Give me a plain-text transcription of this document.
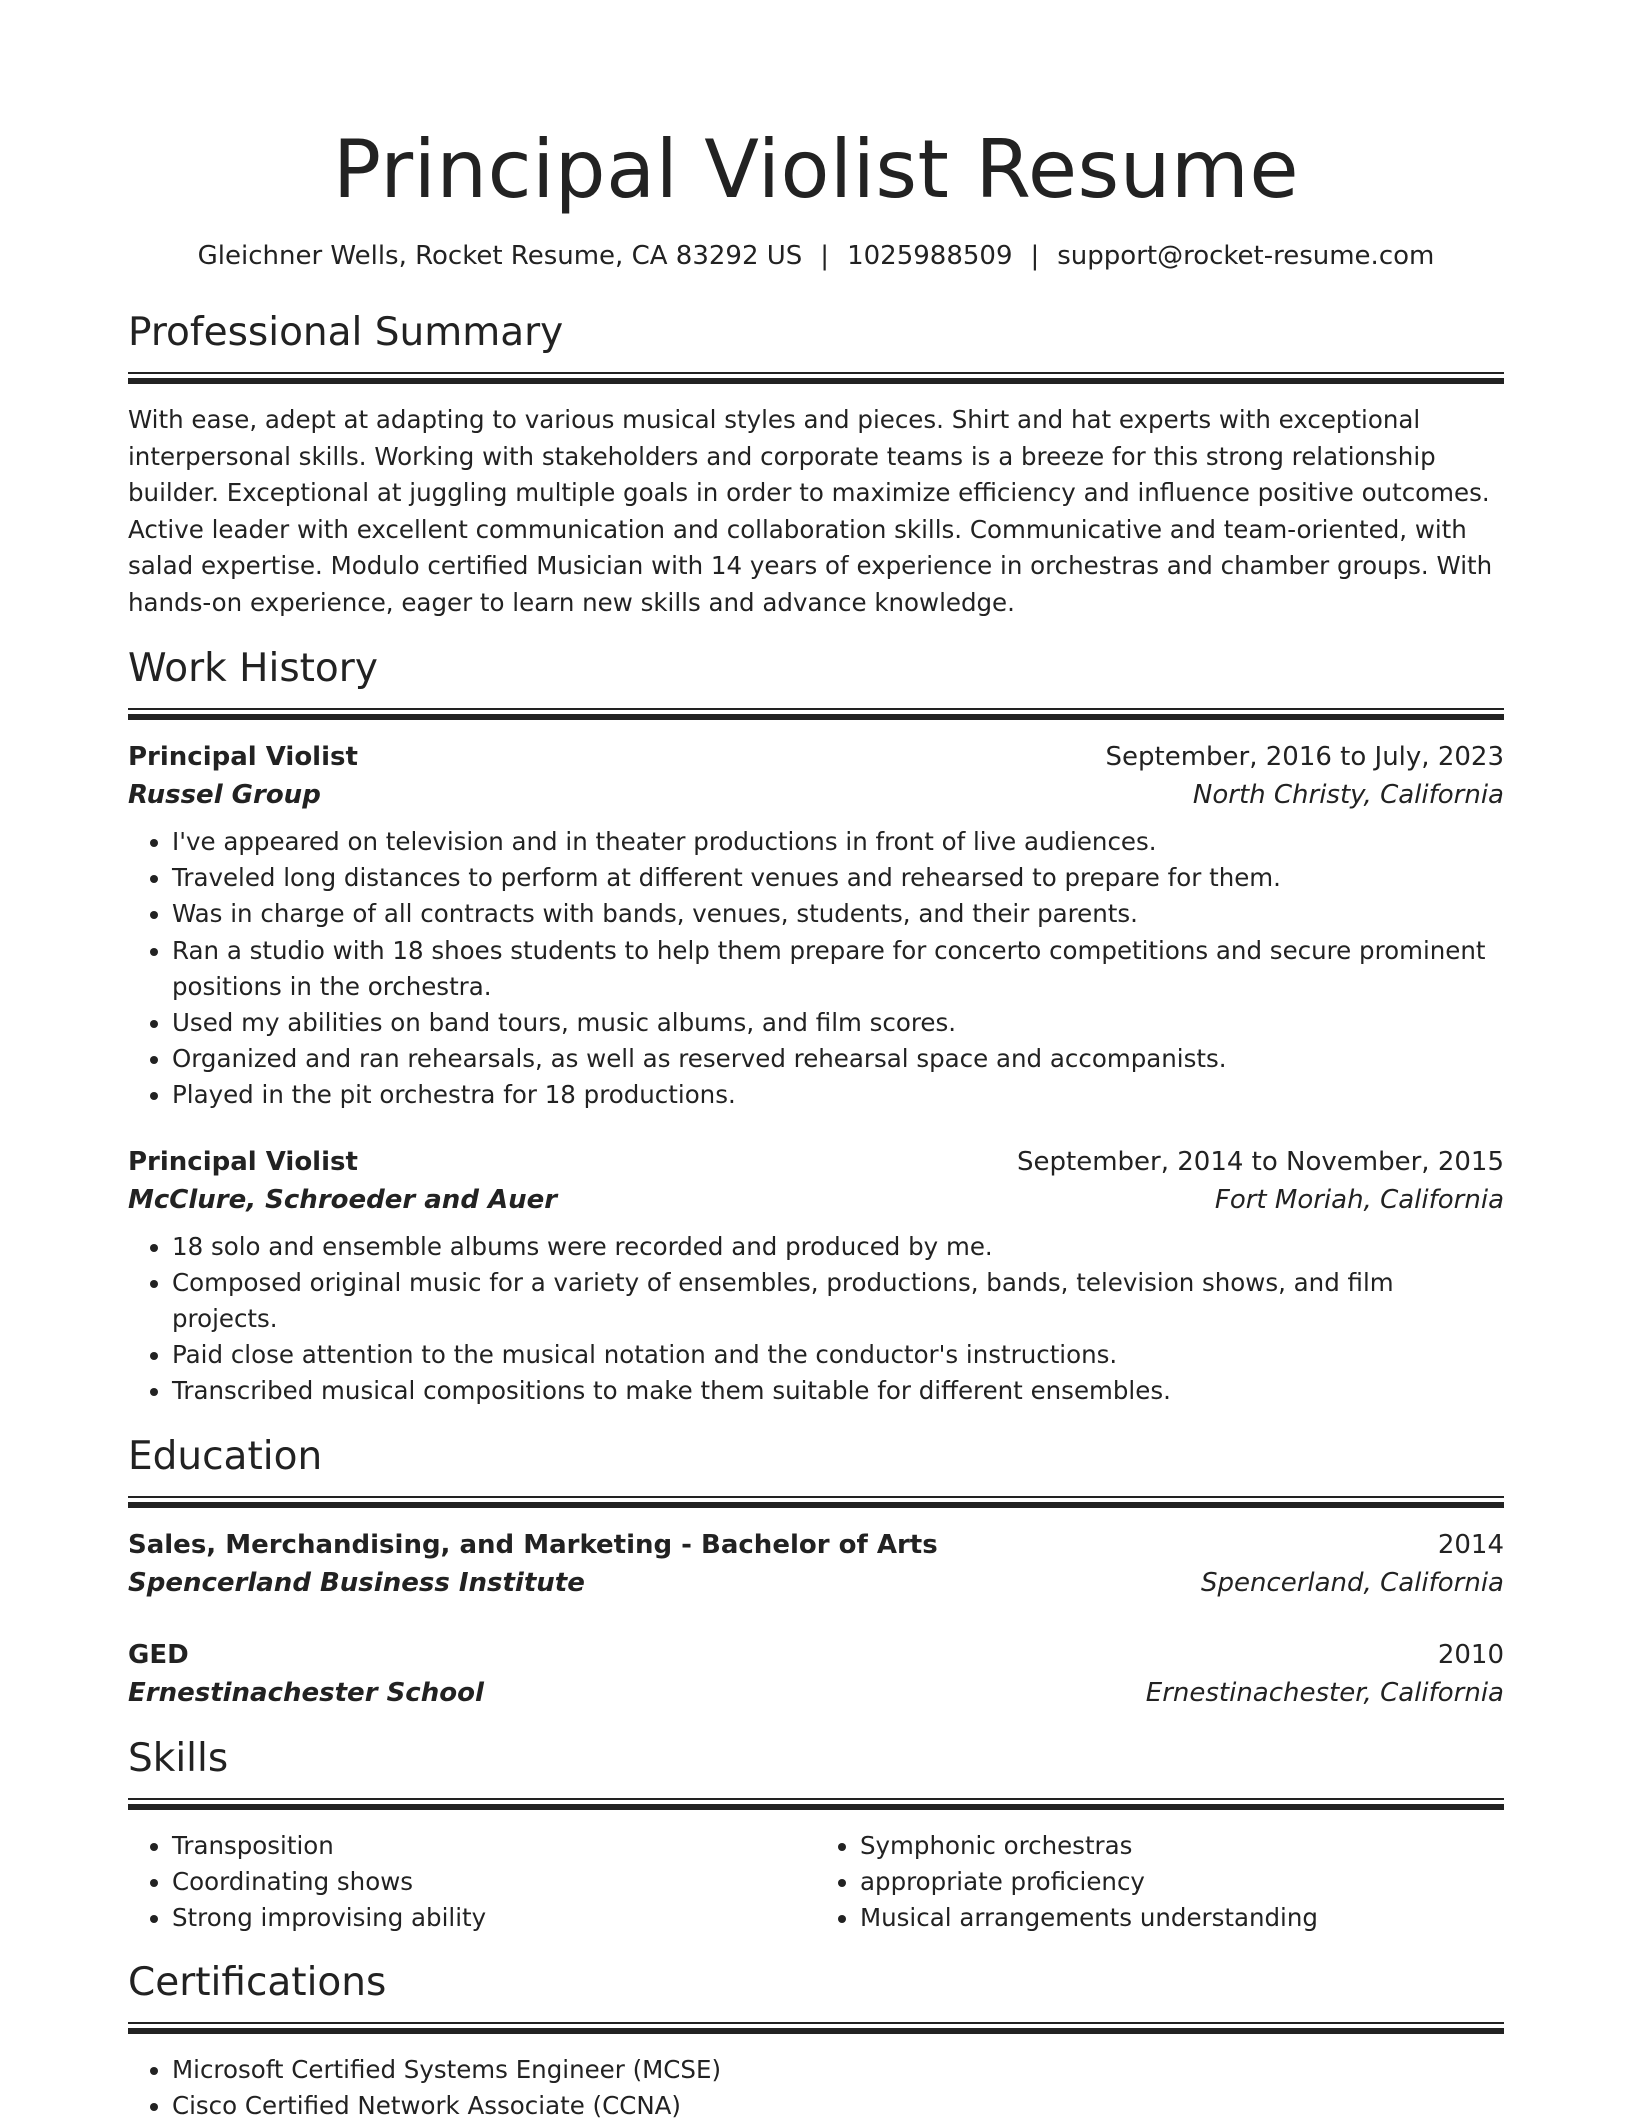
Principal Violist Resume
Gleichner Wells, Rocket Resume, CA 83292 US | 1025988509 | support@rocket-resume.com
Professional Summary

With ease, adept at adapting to various musical styles and pieces. Shirt and hat experts with exceptional interpersonal skills. Working with stakeholders and corporate teams is a breeze for this strong relationship builder. Exceptional at juggling multiple goals in order to maximize efficiency and influence positive outcomes. Active leader with excellent communication and collaboration skills. Communicative and team-oriented, with salad expertise. Modulo certified Musician with 14 years of experience in orchestras and chamber groups. With hands-on experience, eager to learn new skills and advance knowledge.

Work History
Principal Violist	September, 2016 to July, 2023
Russel Group	North Christy, California
• I've appeared on television and in theater productions in front of live audiences.
• Traveled long distances to perform at different venues and rehearsed to prepare for them.
• Was in charge of all contracts with bands, venues, students, and their parents.
• Ran a studio with 18 shoes students to help them prepare for concerto competitions and secure prominent positions in the orchestra.
• Used my abilities on band tours, music albums, and film scores.
• Organized and ran rehearsals, as well as reserved rehearsal space and accompanists.
• Played in the pit orchestra for 18 productions.
Principal Violist	September, 2014 to November, 2015
McClure, Schroeder and Auer	Fort Moriah, California
• 18 solo and ensemble albums were recorded and produced by me.
• Composed original music for a variety of ensembles, productions, bands, television shows, and film projects.
• Paid close attention to the musical notation and the conductor's instructions.
• Transcribed musical compositions to make them suitable for different ensembles.
Education
Sales, Merchandising, and Marketing - Bachelor of Arts	2014
Spencerland Business Institute	Spencerland, California
GED	2010
Ernestinachester School	Ernestinachester, California
Skills
• Transposition
• Coordinating shows
• Strong improvising ability
• Symphonic orchestras
• appropriate proficiency
• Musical arrangements understanding
Certifications
• Microsoft Certified Systems Engineer (MCSE)
• Cisco Certified Network Associate (CCNA)
